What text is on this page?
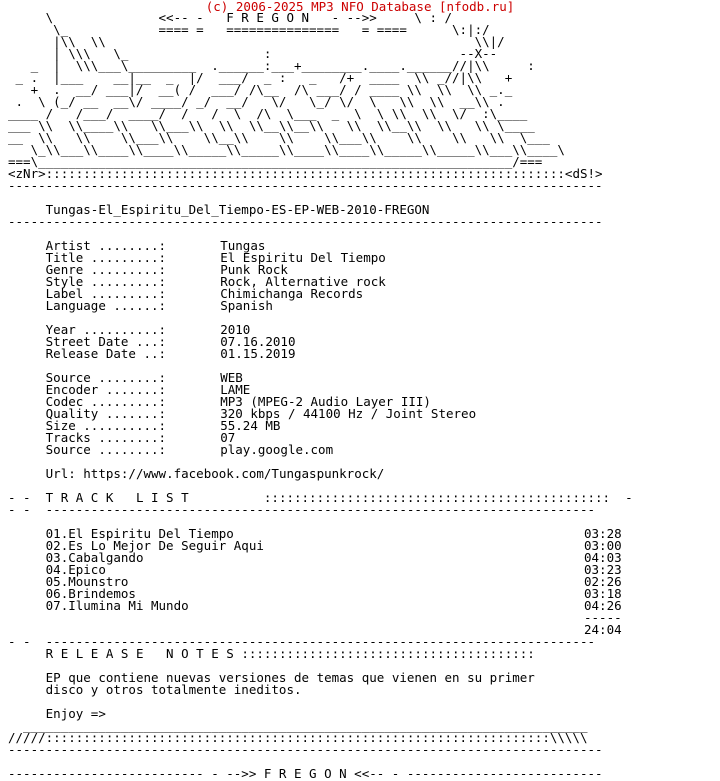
(c) 2006-2025 MP3 NFO Database [nfodb.ru]

\              <<-- -   F R E G O N   - -->>     \ : /
\_            ==== =   ===============   = ====      \:|:/
|\\  \\                                                 \\|/
| \\\   \_                  :                         --X--
_  |  \\\___\_________  .______:___+________.____.______//|\\     :
_ .  |___    __|__  _  |/  ___/  _ :   _   /+  ____  \\ _//|\\   +
+  .  __/ ___|/  __( /  ___/ /\__  /\ ___/ / ____ \\  \\  \\ _._
.  \ (_/ __  __\/ ____/ _/  __/   \/   \_/ \/  \   \\  \\  __\\ .
____ /   /___/  ____/  /   /  \  /\  \___  _  \  \ \\  \\  \/  :\____
___ \\  \\____\\   \\___\\  \\  \\__\\__\\   \\  \\__\\  \\   \\ \____
__  \\   \\    \\___\\    \\__\\    \\    \\___\\    \\    \\   \\  \___
\_\\___\\____\\____\\_____\\_____\\____\\____\\_____\\_____\\___\\____\
===\_______________________________________________________________/===
<zNr>:::::::::::::::::::::::::::::::::::::::::::::::::::::::::::::::::::::<dS!>
-------------------------------------------------------------------------------

Tungas-El_Espiritu_Del_Tiempo-ES-EP-WEB-2010-FREGON
-------------------------------------------------------------------------------

Artist ........:	Tungas
Title .........:	El Espiritu Del Tiempo
Genre .........:	Punk Rock
Style .........:	Rock, Alternative rock
Label .........:	Chimichanga Records
Language ......:	Spanish

Year ..........:	2010
Street Date ...:	07.16.2010
Release Date ..:	01.15.2019

Source ........:	WEB
Encoder .......:	LAME
Codec .........:	MP3 (MPEG-2 Audio Layer III)
Quality .......:	320 kbps / 44100 Hz / Joint Stereo
Size ..........:	55.24 MB
Tracks ........:	07
Source ........:	play.google.com

Url: https://www.facebook.com/Tungaspunkrock/

- -  T R A C K   L I S T          ::::::::::::::::::::::::::::::::::::::::::::::  -
- -  -------------------------------------------------------------------------

01.El Espiritu Del Tiempo	03:28
02.Es Lo Mejor De Seguir Aqui	03:00
03.Cabalgando	04:03
04.Epico	03:23
05.Mounstro	02:26
06.Brindemos	03:18
07.Ilumina Mi Mundo	04:26
-----
24:04
- -  -------------------------------------------------------------------------
R E L E A S E   N O T E S :::::::::::::::::::::::::::::::::::::::

EP que contiene nuevas versiones de temas que vienen en su primer
disco y otros totalmente ineditos.

Enjoy =>
___________________________________________________________________________
/////:::::::::::::::::::::::::::::::::::::::::::::::::::::::::::::::::::\\\\\
-------------------------------------------------------------------------------

-------------------------- - -->> F R E G O N <<-- - --------------------------
